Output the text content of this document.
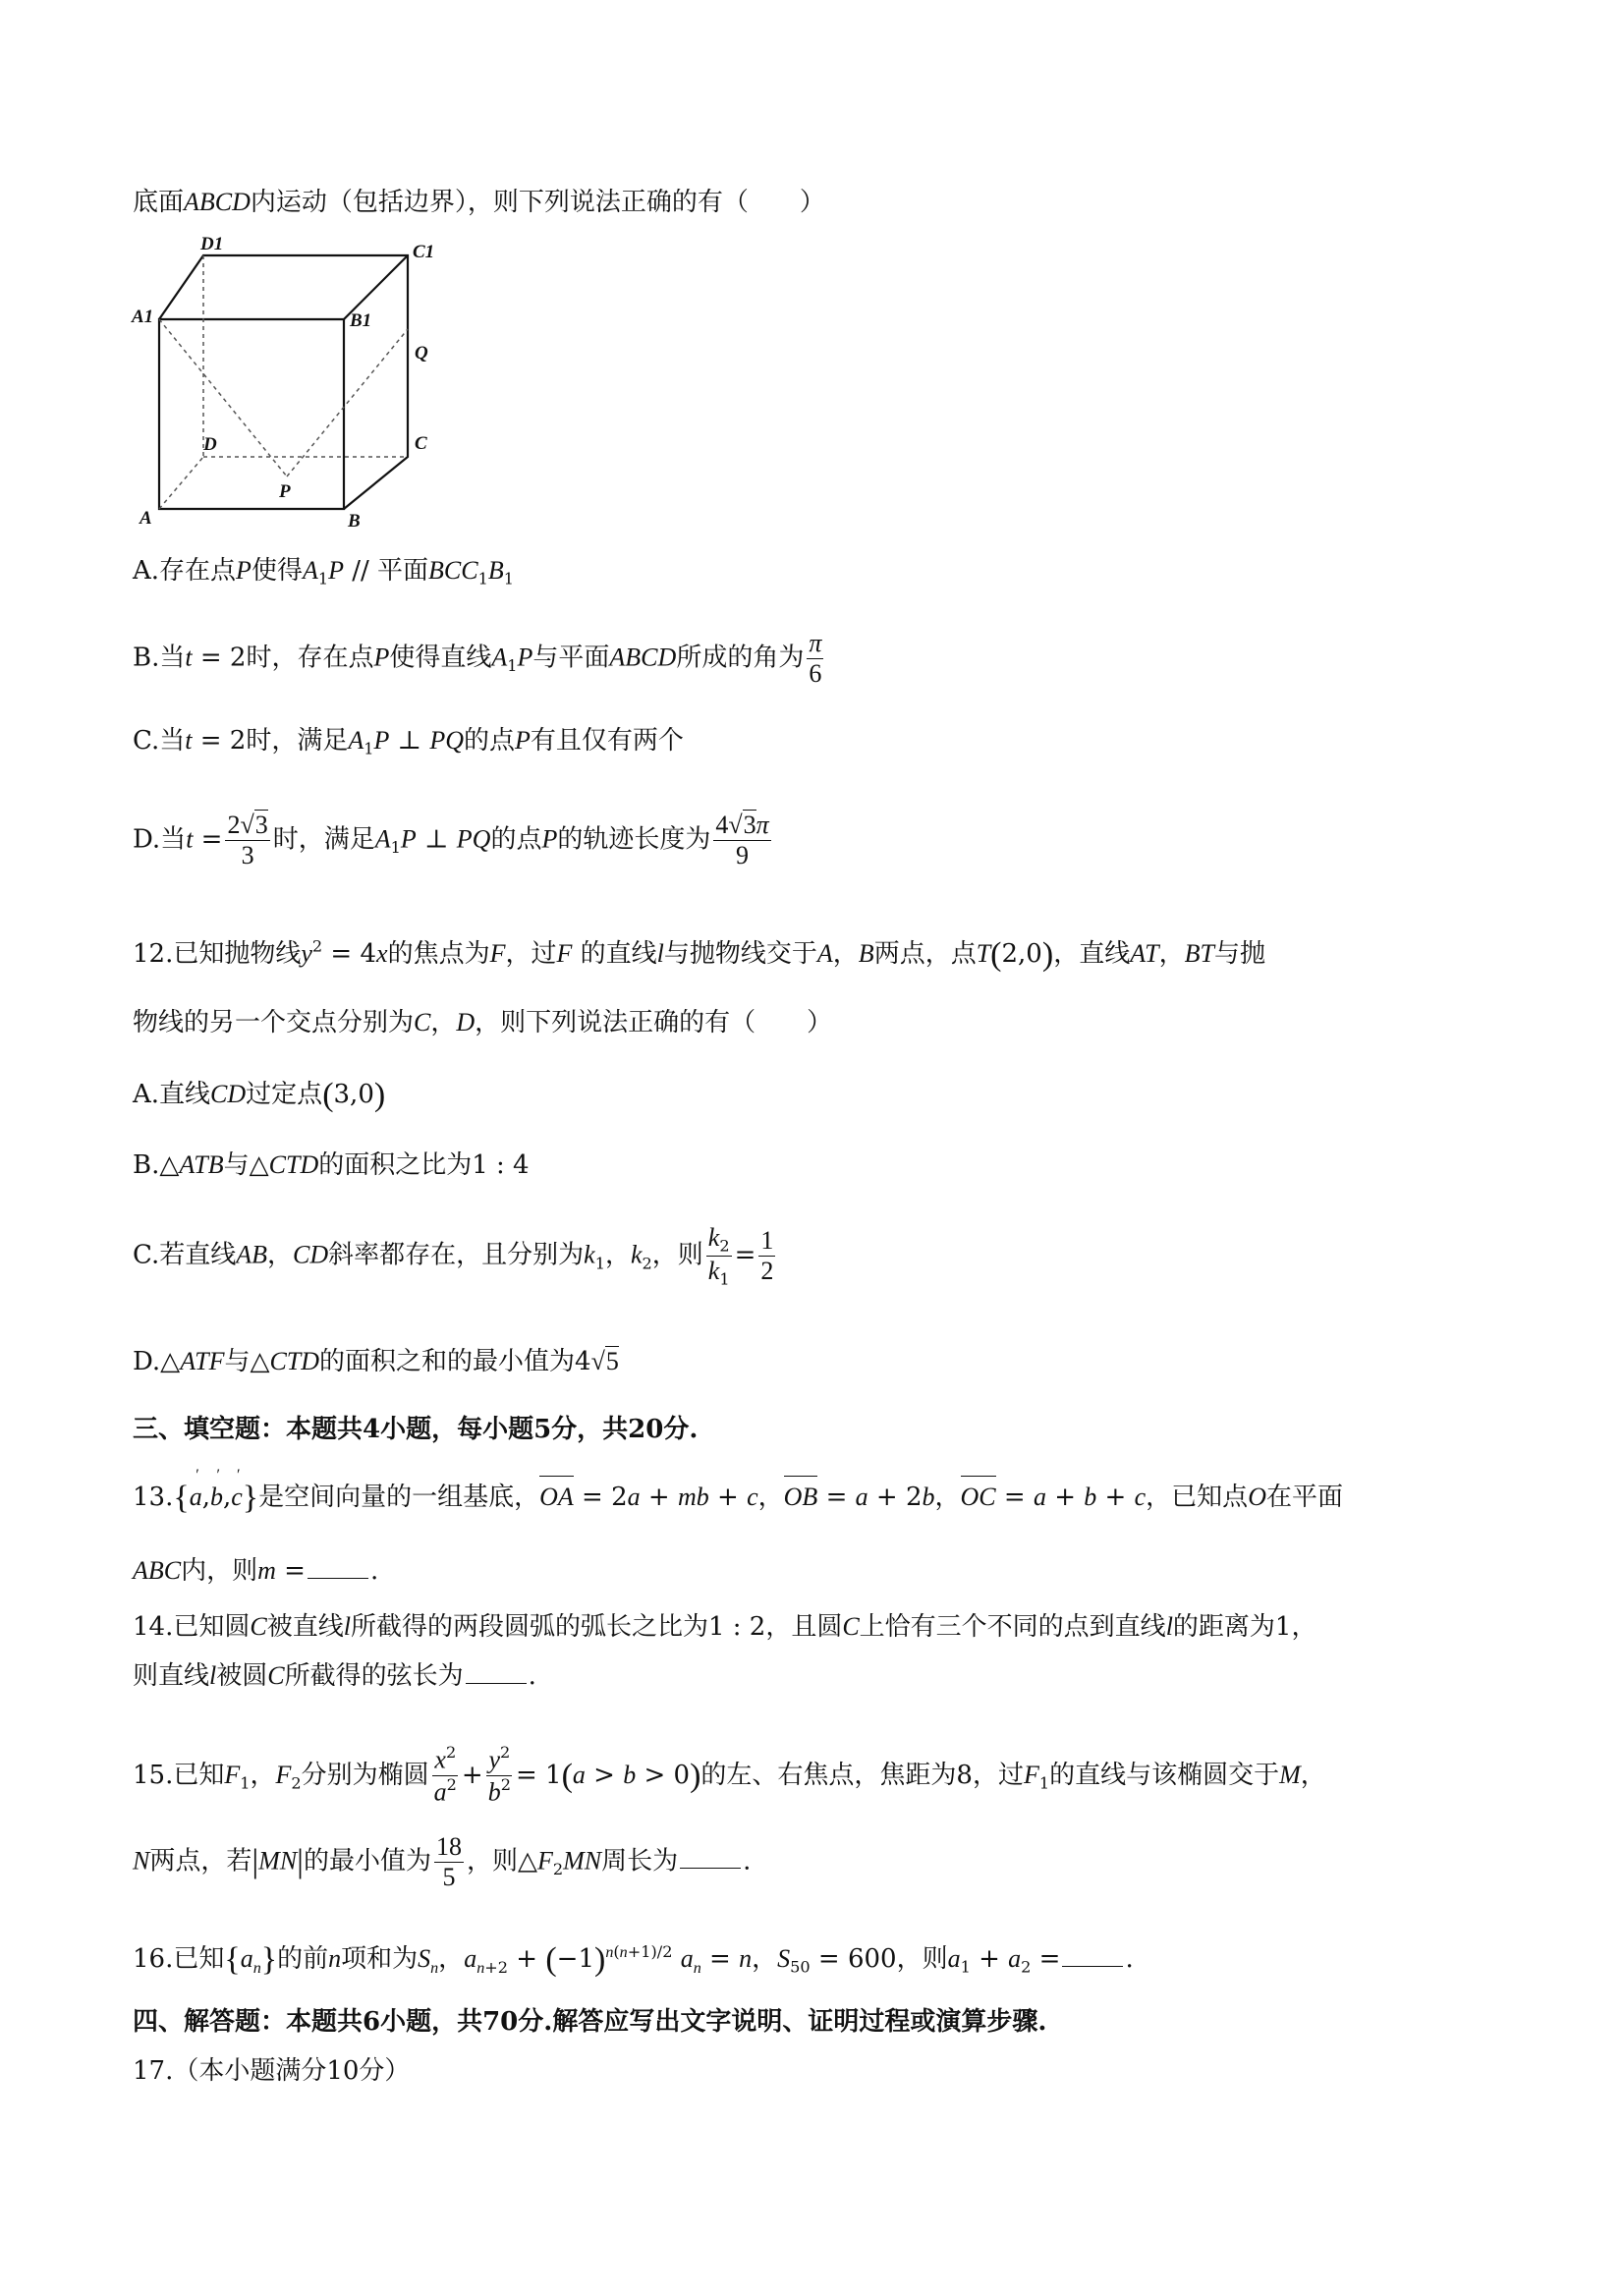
底面ABCD内运动（包括边界），则下列说法正确的有（　　）
D1	C1
A1	B1
Q
D	C
P
A	B
A.存在点P使得$A_1P$ // 平面$BCC_1B_1$
B.当t = 2时，存在点P使得直线$A_1P$与平面ABCD所成的角为 $\frac{\pi}{6}$
C.当t = 2时，满足$A_1P$ ⊥ PQ的点P有且仅有两个
D.当$t = \frac{2√3}{3}$ 时，满足$A_1P$ ⊥ PQ的点P的轨迹长度为 $\frac{4√3\pi}{9}$
12.已知抛物线$y^2 = 4x$的焦点为F，过F 的直线l与抛物线交于A，B两点，点T(2,0)，直线AT，BT与抛
物线的另一个交点分别为C，D，则下列说法正确的有（　　）
A.直线CD过定点(3,0)
B.△ATB与△CTD的面积之比为1 : 4
C.若直线AB，CD斜率都存在，且分别为$k_1$，$k_2$，则 $\frac{k_2}{k_1} = \frac{1}{2}$
D.△ATF与△CTD的面积之和的最小值为4√5
三、填空题：本题共4小题，每小题5分，共20分.
13.{′ a,′ b,′ c}是空间向量的一组基底，OA = 2a + mb + c，OB = a + 2b，OC = a + b + c，已知点O在平面
ABC内，则m =	.
14.已知圆C被直线l所截得的两段圆弧的弧长之比为1 : 2，且圆C上恰有三个不同的点到直线l的距离为1，
则直线l被圆C所截得的弦长为	.
15.已知$F_1$，$F_2$分别为椭圆 $\frac{x^2}{a^2} + \frac{y^2}{b^2} = 1(a > b > 0)$的左、右焦点，焦距为8，过$F_1$的直线与该椭圆交于M，
N两点，若|MN|的最小值为 $\frac{18}{5}$ ，则$\triangle F_2MN$周长为	.
16.已知$\{a_n\}$的前n项和为$S_n$，$a_{n+2} + (-1)^{n(n+1)/2}$ $a_n = n$，$S_{50} = 600$，则$a_1 + a_2$ =	.
四、解答题：本题共6小题，共70分.解答应写出文字说明、证明过程或演算步骤.
17.（本小题满分10分）
